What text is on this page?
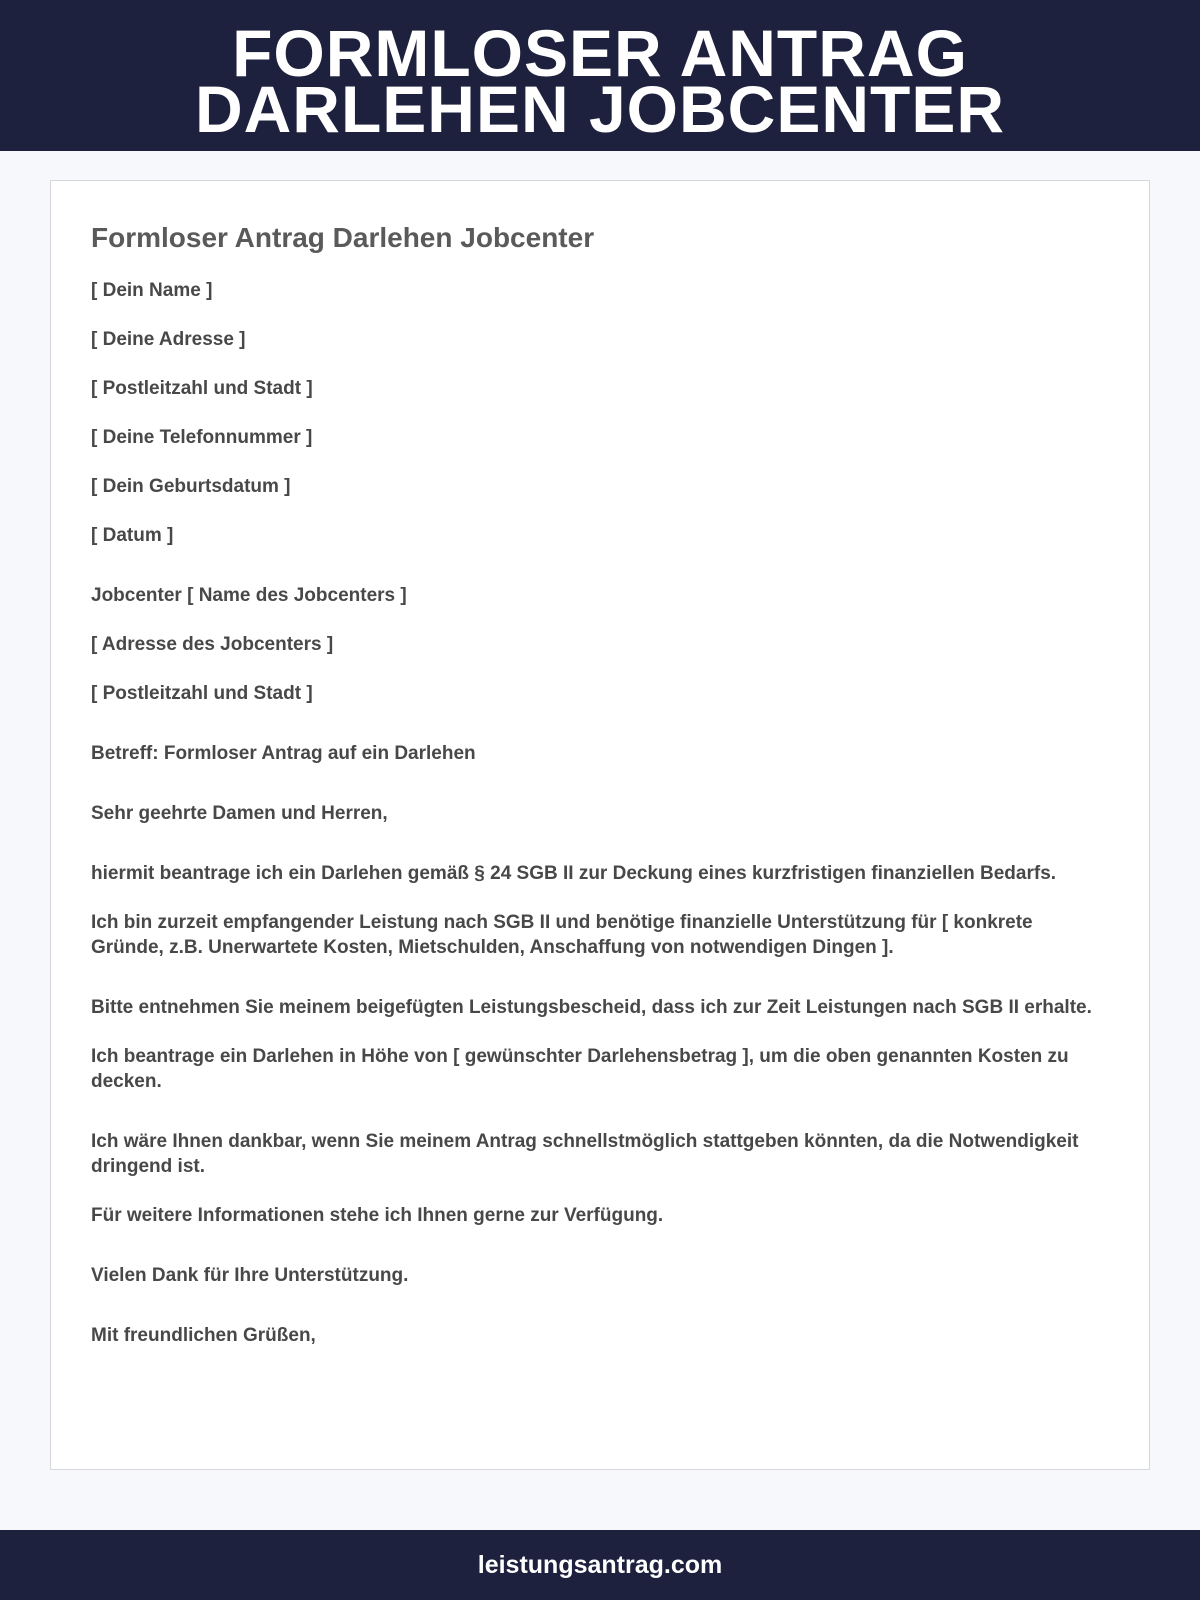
FORMLOSER ANTRAG
DARLEHEN JOBCENTER
Formloser Antrag Darlehen Jobcenter

[ Dein Name ]

[ Deine Adresse ]

[ Postleitzahl und Stadt ]

[ Deine Telefonnummer ]

[ Dein Geburtsdatum ]

[ Datum ]

Jobcenter [ Name des Jobcenters ]

[ Adresse des Jobcenters ]

[ Postleitzahl und Stadt ]

Betreff: Formloser Antrag auf ein Darlehen

Sehr geehrte Damen und Herren,

hiermit beantrage ich ein Darlehen gemäß § 24 SGB II zur Deckung eines kurzfristigen finanziellen Bedarfs.

Ich bin zurzeit empfangender Leistung nach SGB II und benötige finanzielle Unterstützung für [ konkrete Gründe, z.B. Unerwartete Kosten, Mietschulden, Anschaffung von notwendigen Dingen ].

Bitte entnehmen Sie meinem beigefügten Leistungsbescheid, dass ich zur Zeit Leistungen nach SGB II erhalte.

Ich beantrage ein Darlehen in Höhe von [ gewünschter Darlehensbetrag ], um die oben genannten Kosten zu decken.

Ich wäre Ihnen dankbar, wenn Sie meinem Antrag schnellstmöglich stattgeben könnten, da die Notwendigkeit dringend ist.

Für weitere Informationen stehe ich Ihnen gerne zur Verfügung.

Vielen Dank für Ihre Unterstützung.

Mit freundlichen Grüßen,

leistungsantrag.com
